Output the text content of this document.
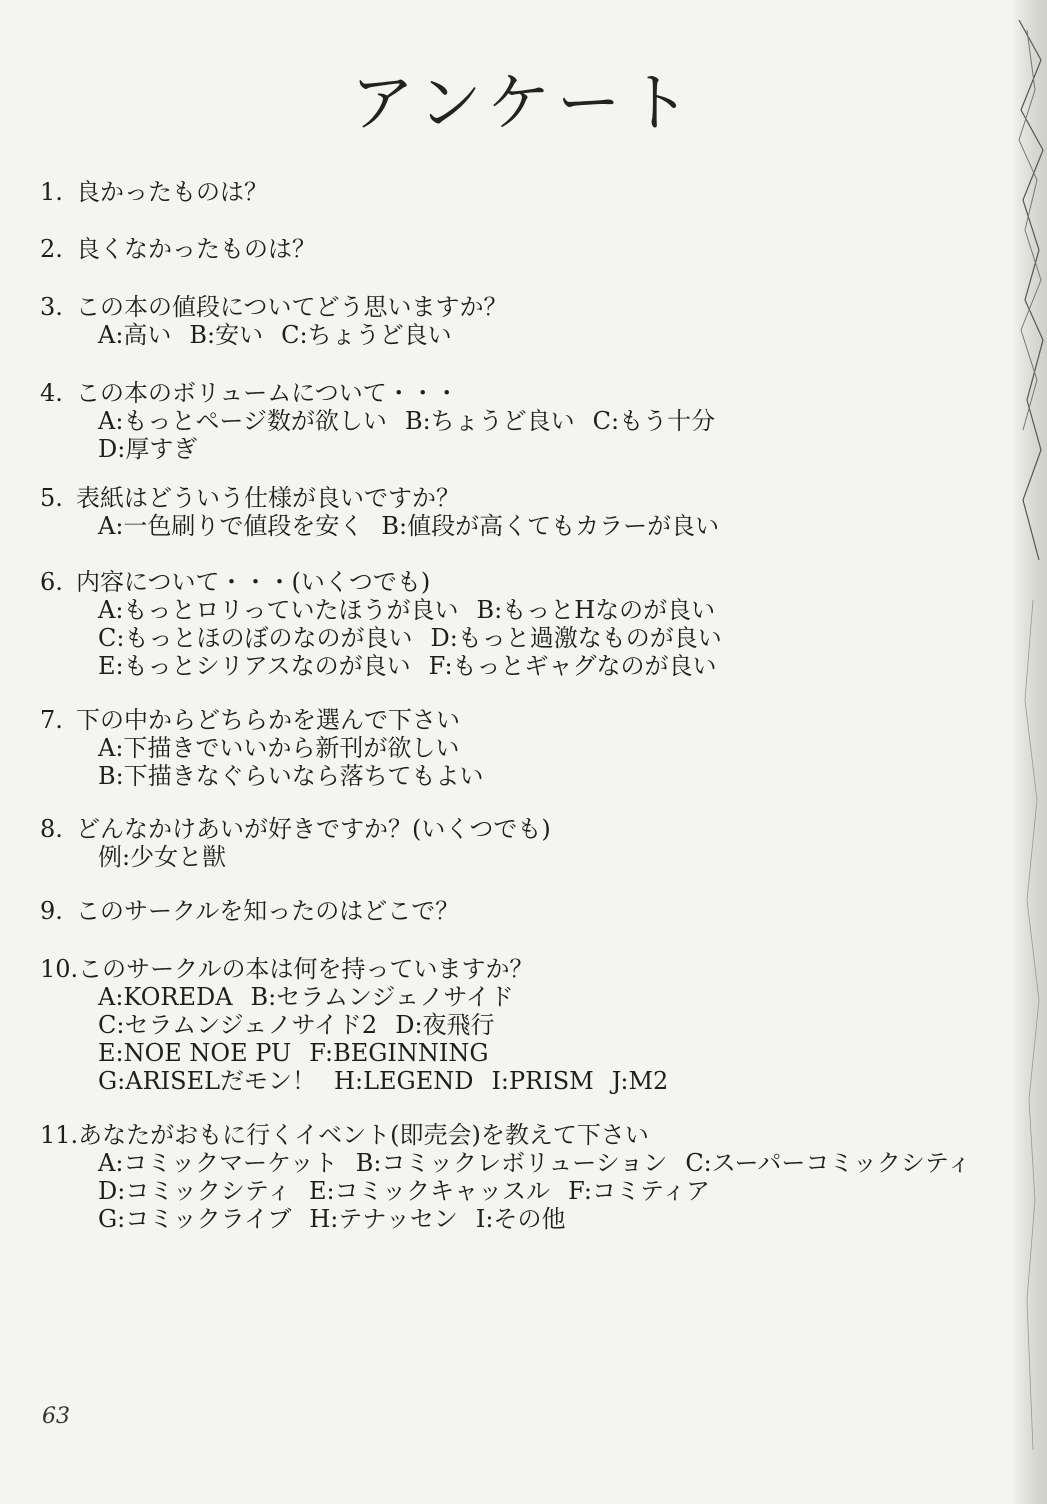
アンケート
1.良かったものは？
2.良くなかったものは？
3.この本の値段についてどう思いますか？
A:高い B:安い C:ちょうど良い
4.この本のボリュームについて・・・
A:もっとページ数が欲しい B:ちょうど良い C:もう十分
D:厚すぎ
5.表紙はどういう仕様が良いですか？
A:一色刷りで値段を安く B:値段が高くてもカラーが良い
6.内容について・・・(いくつでも)
A:もっとロリっていたほうが良い B:もっとHなのが良い
C:もっとほのぼのなのが良い D:もっと過激なものが良い
E:もっとシリアスなのが良い F:もっとギャグなのが良い
7.下の中からどちらかを選んで下さい
A:下描きでいいから新刊が欲しい
B:下描きなぐらいなら落ちてもよい
8.どんなかけあいが好きですか？(いくつでも)
例:少女と獣
9.このサークルを知ったのはどこで？
10.このサークルの本は何を持っていますか？
A:KOREDA B:セラムンジェノサイド
C:セラムンジェノサイド2 D:夜飛行
E:NOE NOE PU F:BEGINNING
G:ARISELだモン！ H:LEGEND I:PRISM J:M2
11.あなたがおもに行くイベント(即売会)を教えて下さい
A:コミックマーケット B:コミックレボリューション C:スーパーコミックシティ
D:コミックシティ E:コミックキャッスル F:コミティア
G:コミックライブ H:テナッセン I:その他
63
